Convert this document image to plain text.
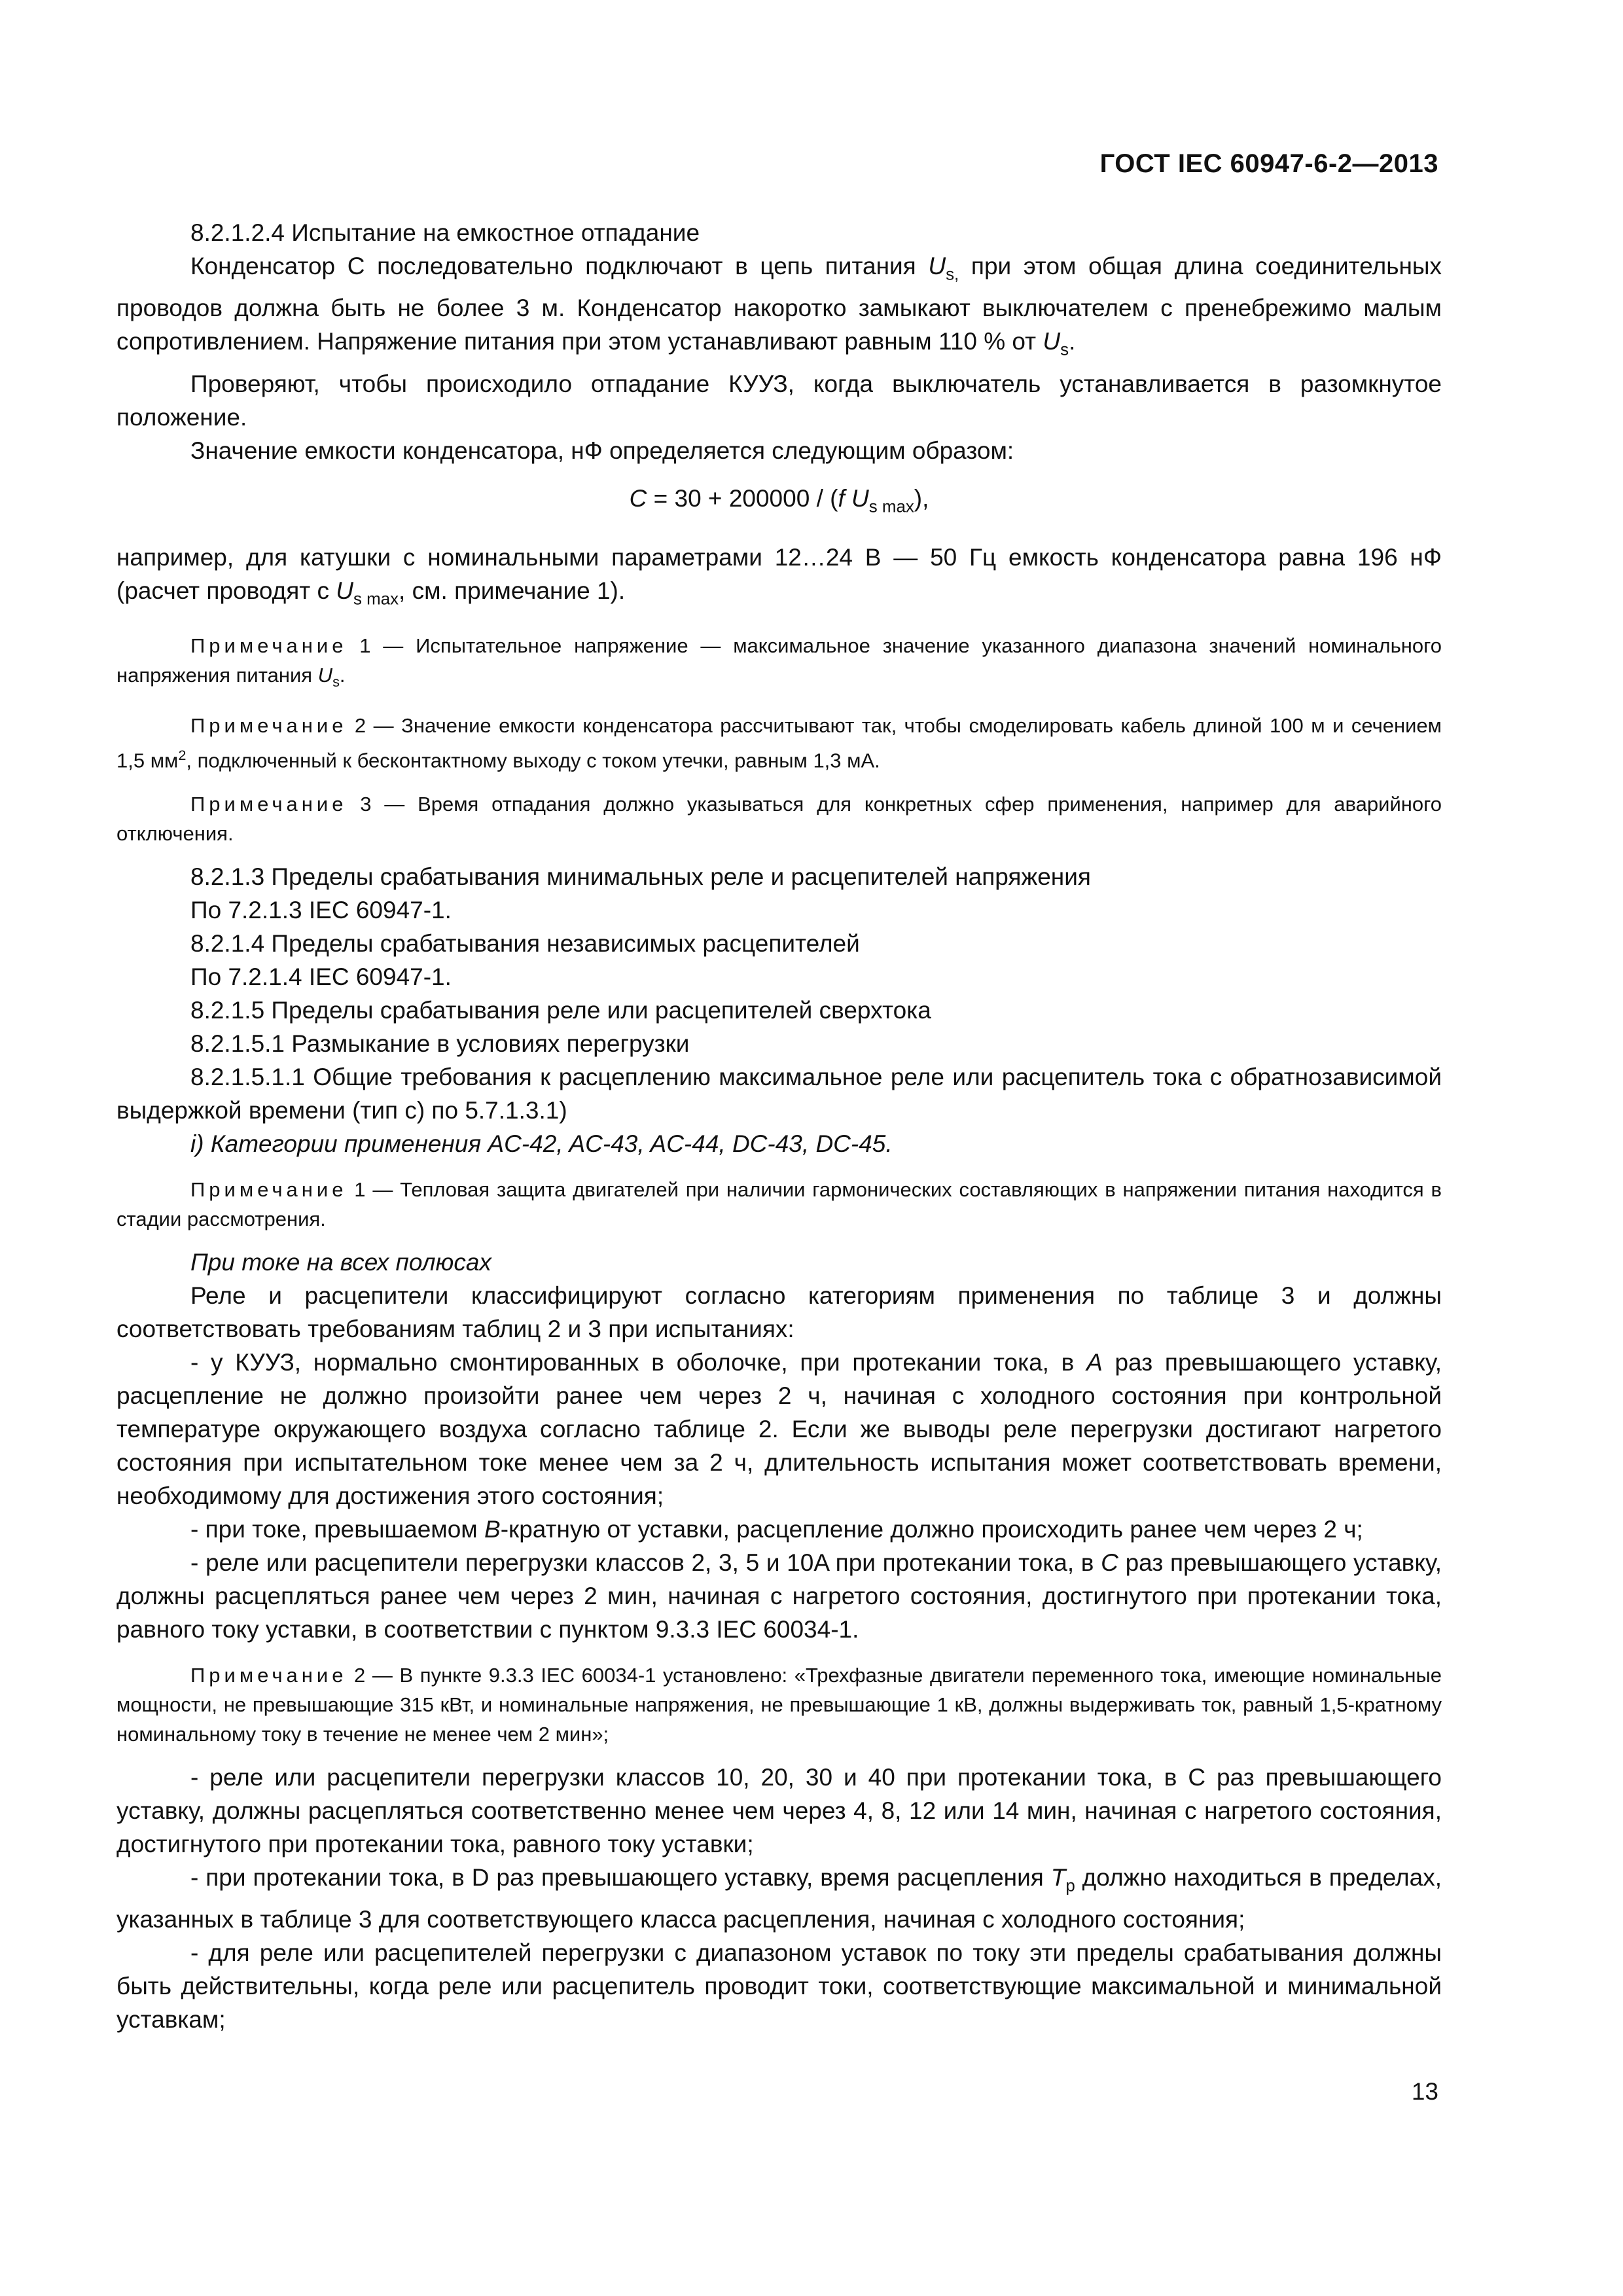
ГОСТ IEC 60947-6-2—2013

8.2.1.2.4 Испытание на емкостное отпадание

Конденсатор C последовательно подключают в цепь питания $U_{s,}$ при этом общая длина соединительных проводов должна быть не более 3 м. Конденсатор накоротко замыкают выключателем с пренебрежимо малым сопротивлением. Напряжение питания при этом устанавливают равным 110 % от $U_s$.

Проверяют, чтобы происходило отпадание КУУЗ, когда выключатель устанавливается в разомкнутое положение.

Значение емкости конденсатора, нФ определяется следующим образом:

C = 30 + 200000 / (f $U_{s max}$),

например, для катушки с номинальными параметрами 12…24 В — 50 Гц емкость конденсатора равна 196 нФ (расчет проводят с $U_{s max}$, см. примечание 1).

Примечание 1 — Испытательное напряжение — максимальное значение указанного диапазона значений номинального напряжения питания $U_s$.

Примечание 2 — Значение емкости конденсатора рассчитывают так, чтобы смоделировать кабель длиной 100 м и сечением 1,5 $мм^2$, подключенный к бесконтактному выходу с током утечки, равным 1,3 мА.

Примечание 3 — Время отпадания должно указываться для конкретных сфер применения, например для аварийного отключения.

8.2.1.3 Пределы срабатывания минимальных реле и расцепителей напряжения

По 7.2.1.3 IEC 60947-1.

8.2.1.4 Пределы срабатывания независимых расцепителей

По 7.2.1.4 IEC 60947-1.

8.2.1.5 Пределы срабатывания реле или расцепителей сверхтока

8.2.1.5.1 Размыкание в условиях перегрузки

8.2.1.5.1.1 Общие требования к расцеплению максимальное реле или расцепитель тока с обратнозависимой выдержкой времени (тип с) по 5.7.1.3.1)

i) Категории применения AC-42, AC-43, AC-44, DC-43, DC-45.

Примечание 1 — Тепловая защита двигателей при наличии гармонических составляющих в напряжении питания находится в стадии рассмотрения.

При токе на всех полюсах

Реле и расцепители классифицируют согласно категориям применения по таблице 3 и должны соответствовать требованиям таблиц 2 и 3 при испытаниях:

- у КУУЗ, нормально смонтированных в оболочке, при протекании тока, в A раз превышающего уставку, расцепление не должно произойти ранее чем через 2 ч, начиная с холодного состояния при контрольной температуре окружающего воздуха согласно таблице 2. Если же выводы реле перегрузки достигают нагретого состояния при испытательном токе менее чем за 2 ч, длительность испытания может соответствовать времени, необходимому для достижения этого состояния;

- при токе, превышаемом B-кратную от уставки, расцепление должно происходить ранее чем через 2 ч;

- реле или расцепители перегрузки классов 2, 3, 5 и 10A при протекании тока, в C раз превышающего уставку, должны расцепляться ранее чем через 2 мин, начиная с нагретого состояния, достигнутого при протекании тока, равного току уставки, в соответствии с пунктом 9.3.3 IEC 60034-1.

Примечание 2 — В пункте 9.3.3 IEC 60034-1 установлено: «Трехфазные двигатели переменного тока, имеющие номинальные мощности, не превышающие 315 кВт, и номинальные напряжения, не превышающие 1 кВ, должны выдерживать ток, равный 1,5-кратному номинальному току в течение не менее чем 2 мин»;

- реле или расцепители перегрузки классов 10, 20, 30 и 40 при протекании тока, в C раз превышающего уставку, должны расцепляться соответственно менее чем через 4, 8, 12 или 14 мин, начиная с нагретого состояния, достигнутого при протекании тока, равного току уставки;

- при протекании тока, в D раз превышающего уставку, время расцепления $T_p$ должно находиться в пределах, указанных в таблице 3 для соответствующего класса расцепления, начиная с холодного состояния;

- для реле или расцепителей перегрузки с диапазоном уставок по току эти пределы срабатывания должны быть действительны, когда реле или расцепитель проводит токи, соответствующие максимальной и минимальной уставкам;

13
